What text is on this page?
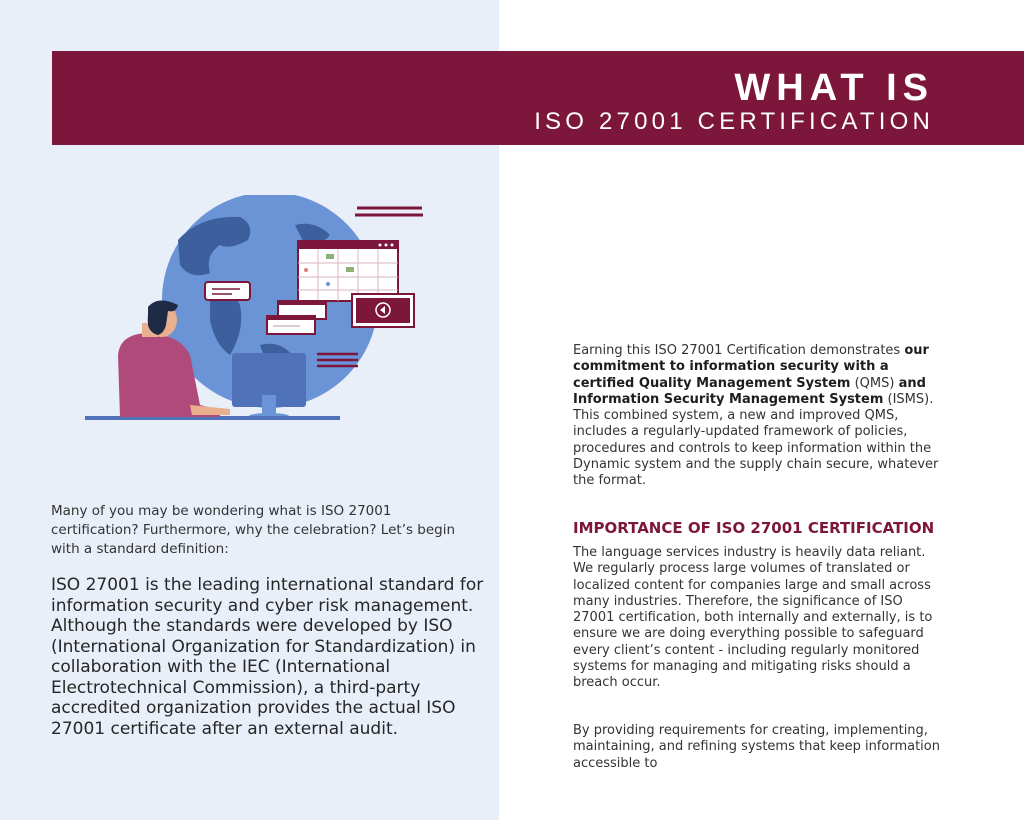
WHAT IS
ISO 27001 CERTIFICATION

Many of you may be wondering what is ISO 27001 certification? Furthermore, why the celebration? Let’s begin with a standard definition:

ISO 27001 is the leading international standard for information security and cyber risk management. Although the standards were developed by ISO (International Organization for Standardization) in collaboration with the IEC (International Electrotechnical Commission), a third-party accredited organization provides the actual ISO 27001 certificate after an external audit.

Earning this ISO 27001 Certification demonstrates our commitment to information security with a certified Quality Management System (QMS) and Information Security Management System (ISMS). This combined system, a new and improved QMS, includes a regularly-updated framework of policies, procedures and controls to keep information within the Dynamic system and the supply chain secure, whatever the format.

IMPORTANCE OF ISO 27001 CERTIFICATION

The language services industry is heavily data reliant. We regularly process large volumes of translated or localized content for companies large and small across many industries. Therefore, the significance of ISO 27001 certification, both internally and externally, is to ensure we are doing everything possible to safeguard every client’s content - including regularly monitored systems for managing and mitigating risks should a breach occur.

By providing requirements for creating, implementing, maintaining, and refining systems that keep information accessible to
